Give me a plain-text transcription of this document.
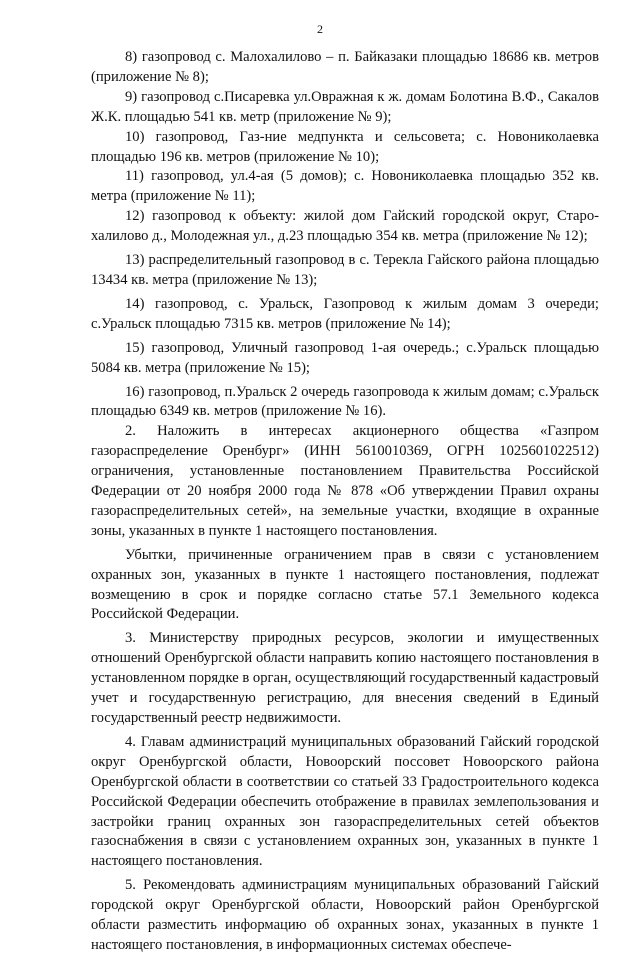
2

8) газопровод с. Малохалилово – п. Байказаки площадью 18686 кв. метров (приложение № 8);

9) газопровод с.Писаревка ул.Овражная к ж. домам Болотина В.Ф., Сакалов Ж.К. площадью 541 кв. метр (приложение № 9);

10) газопровод, Газ-ние медпункта и сельсовета; с. Новониколаевка площадью 196 кв. метров (приложение № 10);

11) газопровод, ул.4-ая (5 домов); с. Новониколаевка площадью 352 кв. метра (приложение № 11);

12) газопровод к объекту: жилой дом Гайский городской округ, Старо-халилово д., Молодежная ул., д.23 площадью 354 кв. метра (приложение № 12);

13) распределительный газопровод в с. Терекла Гайского района площадью 13434 кв. метра (приложение № 13);

14) газопровод, с. Уральск, Газопровод к жилым домам 3 очереди; с.Уральск площадью 7315 кв. метров (приложение № 14);

15) газопровод, Уличный газопровод 1-ая очередь.; с.Уральск площадью 5084 кв. метра (приложение № 15);

16) газопровод, п.Уральск 2 очередь газопровода к жилым домам; с.Уральск площадью 6349 кв. метров (приложение № 16).

2. Наложить в интересах акционерного общества «Газпром газораспределение Оренбург» (ИНН 5610010369, ОГРН 1025601022512) ограничения, установленные постановлением Правительства Российской Федерации от 20 ноября 2000 года № 878 «Об утверждении Правил охраны газораспределительных сетей», на земельные участки, входящие в охранные зоны, указанных в пункте 1 настоящего постановления.

Убытки, причиненные ограничением прав в связи с установлением охранных зон, указанных в пункте 1 настоящего постановления, подлежат возмещению в срок и порядке согласно статье 57.1 Земельного кодекса Российской Федерации.

3. Министерству природных ресурсов, экологии и имущественных отношений Оренбургской области направить копию настоящего постановления в установленном порядке в орган, осуществляющий государственный кадастровый учет и государственную регистрацию, для внесения сведений в Единый государственный реестр недвижимости.

4. Главам администраций муниципальных образований Гайский городской округ Оренбургской области, Новоорский поссовет Новоорского района Оренбургской области в соответствии со статьей 33 Градостроительного кодекса Российской Федерации обеспечить отображение в правилах землепользования и застройки границ охранных зон газораспределительных сетей объектов газоснабжения в связи с установлением охранных зон, указанных в пункте 1 настоящего постановления.

5. Рекомендовать администрациям муниципальных образований Гайский городской округ Оренбургской области, Новоорский район Оренбургской области разместить информацию об охранных зонах, указанных в пункте 1 настоящего постановления, в информационных системах обеспече-
